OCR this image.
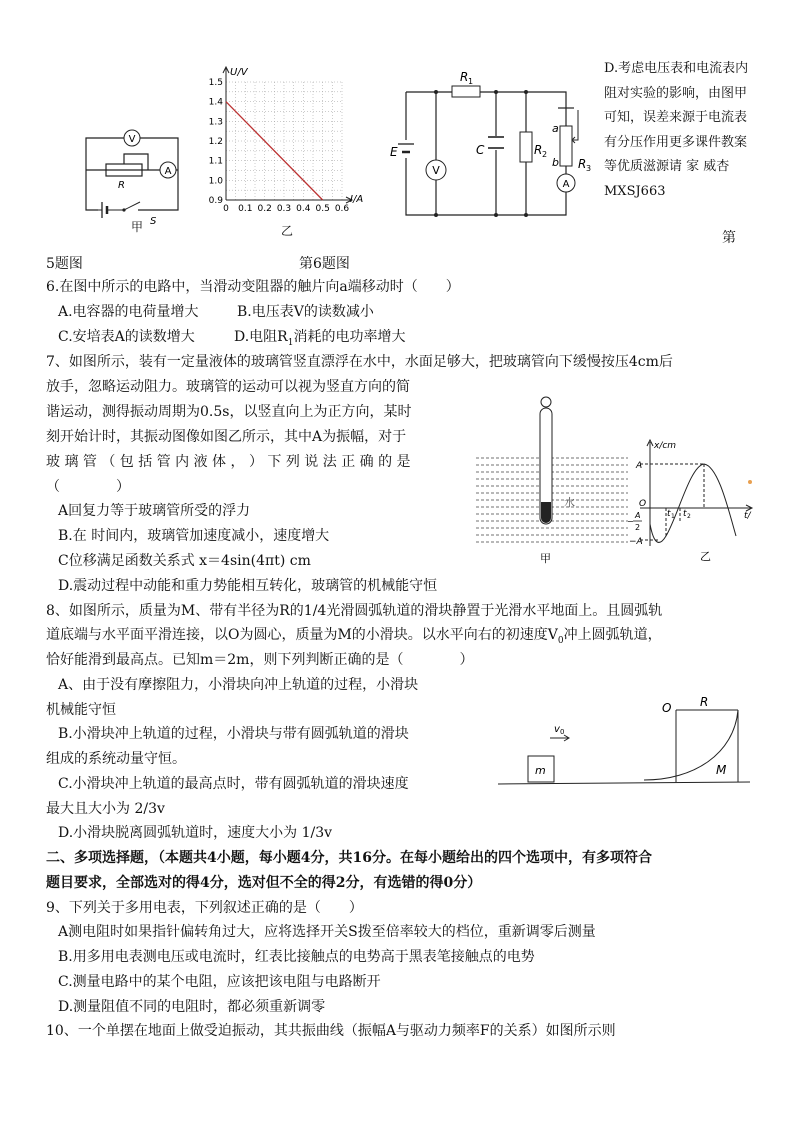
V
A
R
S
甲
1.5
1.4
1.3
1.2
1.1
1.0
0.9
0 0.1 0.2 0.3 0.4 0.5 0.6
U/V
I/A
乙
E
V
R 1
C	R 2
a
b R 3
A
D.考虑电压表和电流表内阻对实验的影响，由图甲可知，误差来源于电流表有分压作用更多课件教案等优质滋源请 家 威杏MXSJ663
第
5题图	第6题图
6.在图中所示的电路中，当滑动变阻器的触片向a端移动时（　　）
A.电容器的电荷量增大	B.电压表V的读数减小
C.安培表A的读数增大	D.电阻$R_1$消耗的电功率增大
7、如图所示，装有一定量液体的玻璃管竖直漂浮在水中，水面足够大，把玻璃管向下缓慢按压4cm后
放手，忽略运动阻力。玻璃管的运动可以视为竖直方向的简
谐运动，测得振动周期为0.5s，以竖直向上为正方向，某时
刻开始计时，其振动图像如图乙所示，其中A为振幅，对于
玻 璃 管 （ 包 括 管 内 液 体 ， ） 下 列 说 法 正 确 的 是
（　　　　）
A回复力等于玻璃管所受的浮力
B.在 时间内，玻璃管加速度减小，速度增大
C位移满足函数关系式 x＝4sin(4πt) cm
D.震动过程中动能和重力势能相互转化，玻璃管的机械能守恒
水
甲
x/cm
A
O
A
2
−
−A
t 1 t 2	t/
乙
8、如图所示，质量为M、带有半径为R的1/4光滑圆弧轨道的滑块静置于光滑水平地面上。且圆弧轨
道底端与水平面平滑连接，以O为圆心，质量为M的小滑块。以水平向右的初速度$V_0$冲上圆弧轨道，
恰好能滑到最高点。已知m＝2m，则下列判断正确的是（　　　　）
A、由于没有摩擦阻力，小滑块向冲上轨道的过程，小滑块
机械能守恒
B.小滑块冲上轨道的过程，小滑块与带有圆弧轨道的滑块
组成的系统动量守恒。
C.小滑块冲上轨道的最高点时，带有圆弧轨道的滑块速度
最大且大小为 2/3v
D.小滑块脱离圆弧轨道时，速度大小为 1/3v
O R
v 0
m	M
二、多项选择题，（本题共4小题，每小题4分，共16分。在每小题给出的四个选项中，有多项符合
题目要求，全部选对的得4分，选对但不全的得2分，有选错的得0分）
9、下列关于多用电表，下列叙述正确的是（　　）
A测电阻时如果指针偏转角过大，应将选择开关S拨至倍率较大的档位，重新调零后测量
B.用多用电表测电压或电流时，红表比接触点的电势高于黑表笔接触点的电势
C.测量电路中的某个电阻，应该把该电阻与电路断开
D.测量阻值不同的电阻时，都必须重新调零
10、一个单摆在地面上做受迫振动，其共振曲线（振幅A与驱动力频率F的关系）如图所示则
